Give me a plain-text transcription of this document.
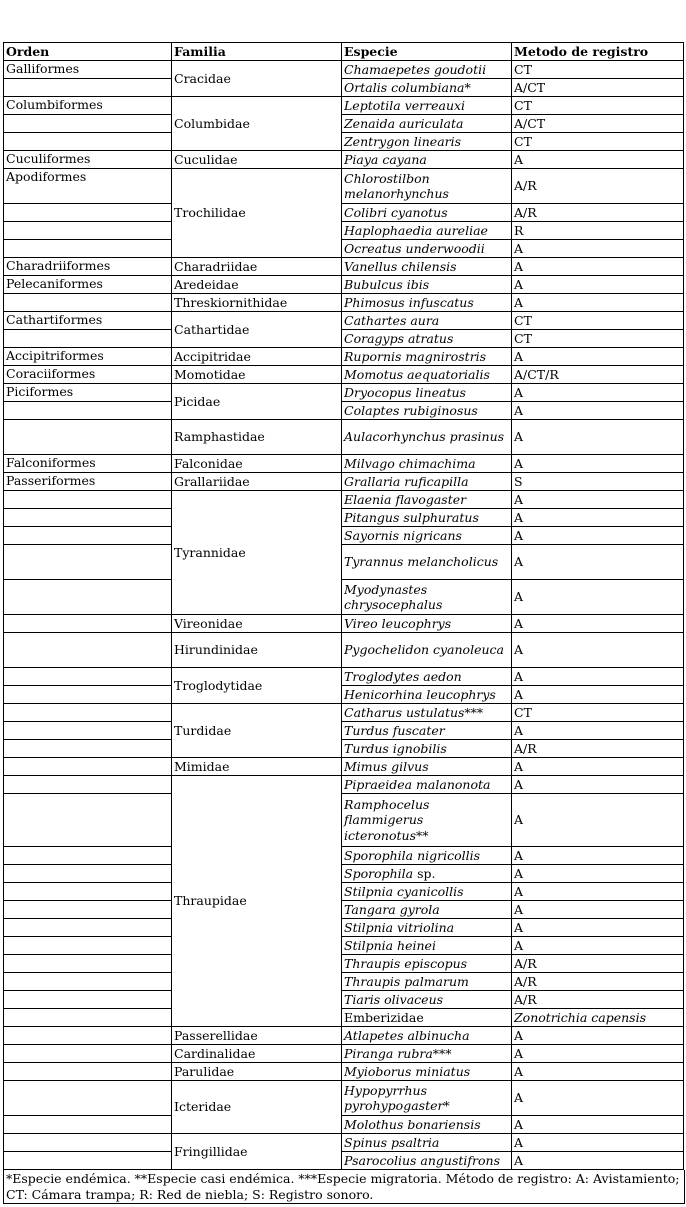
Orden	Familia	Especie	Metodo de registro	
Galliformes	Cracidae	Chamaepetes goudotii	CT	
		Ortalis columbiana*	A/CT	
Columbiformes	Columbidae	Leptotila verreauxi	CT	
		Zenaida auriculata	A/CT	
		Zentrygon linearis	CT	
Cuculiformes	Cuculidae	Piaya cayana	A	
Apodiformes	Trochilidae	Chlorostilbon melanorhynchus	A/R	
		Colibri cyanotus	A/R	
		Haplophaedia aureliae	R	
		Ocreatus underwoodii	A	
Charadriiformes	Charadriidae	Vanellus chilensis	A	
Pelecaniformes	Aredeidae	Bubulcus ibis	A	
	Threskiornithidae	Phimosus infuscatus	A	
Cathartiformes	Cathartidae	Cathartes aura	CT	
		Coragyps atratus	CT	
Accipitriformes	Accipitridae	Rupornis magnirostris	A	
Coraciiformes	Momotidae	Momotus aequatorialis	A/CT/R	
Piciformes	Picidae	Dryocopus lineatus	A	
		Colaptes rubiginosus	A	
	Ramphastidae	Aulacorhynchus prasinus	A	
Falconiformes	Falconidae	Milvago chimachima	A	
Passeriformes	Grallariidae	Grallaria ruficapilla	S	
	Tyrannidae	Elaenia flavogaster	A	
		Pitangus sulphuratus	A	
		Sayornis nigricans	A	
		Tyrannus melancholicus	A	
		Myodynastes chrysocephalus	A	
	Vireonidae	Vireo leucophrys	A	
	Hirundinidae	Pygochelidon cyanoleuca	A	
	Troglodytidae	Troglodytes aedon	A	
		Henicorhina leucophrys	A	
	Turdidae	Catharus ustulatus***	CT	
		Turdus fuscater	A	
		Turdus ignobilis	A/R	
	Mimidae	Mimus gilvus	A	
	Thraupidae	Pipraeidea malanonota	A	
		Ramphocelus flammigerus icteronotus**	A	
		Sporophila nigricollis	A	
		Sporophila sp.	A	
		Stilpnia cyanicollis	A	
		Tangara gyrola	A	
		Stilpnia vitriolina	A	
		Stilpnia heinei	A	
		Thraupis episcopus	A/R	
		Thraupis palmarum	A/R	
		Tiaris olivaceus	A/R	
		Emberizidae	Zonotrichia capensis	
	Passerellidae	Atlapetes albinucha	A	
	Cardinalidae	Piranga rubra***	A	
	Parulidae	Myioborus miniatus	A	
	Icteridae	Hypopyrrhus pyrohypogaster*	A	
		Molothus bonariensis	A	
	Fringillidae	Spinus psaltria	A	
		Psarocolius angustifrons	A	
*Especie endémica. **Especie casi endémica. ***Especie migratoria. Método de registro: A: Avistamiento; CT: Cámara trampa; R: Red de niebla; S: Registro sonoro.
